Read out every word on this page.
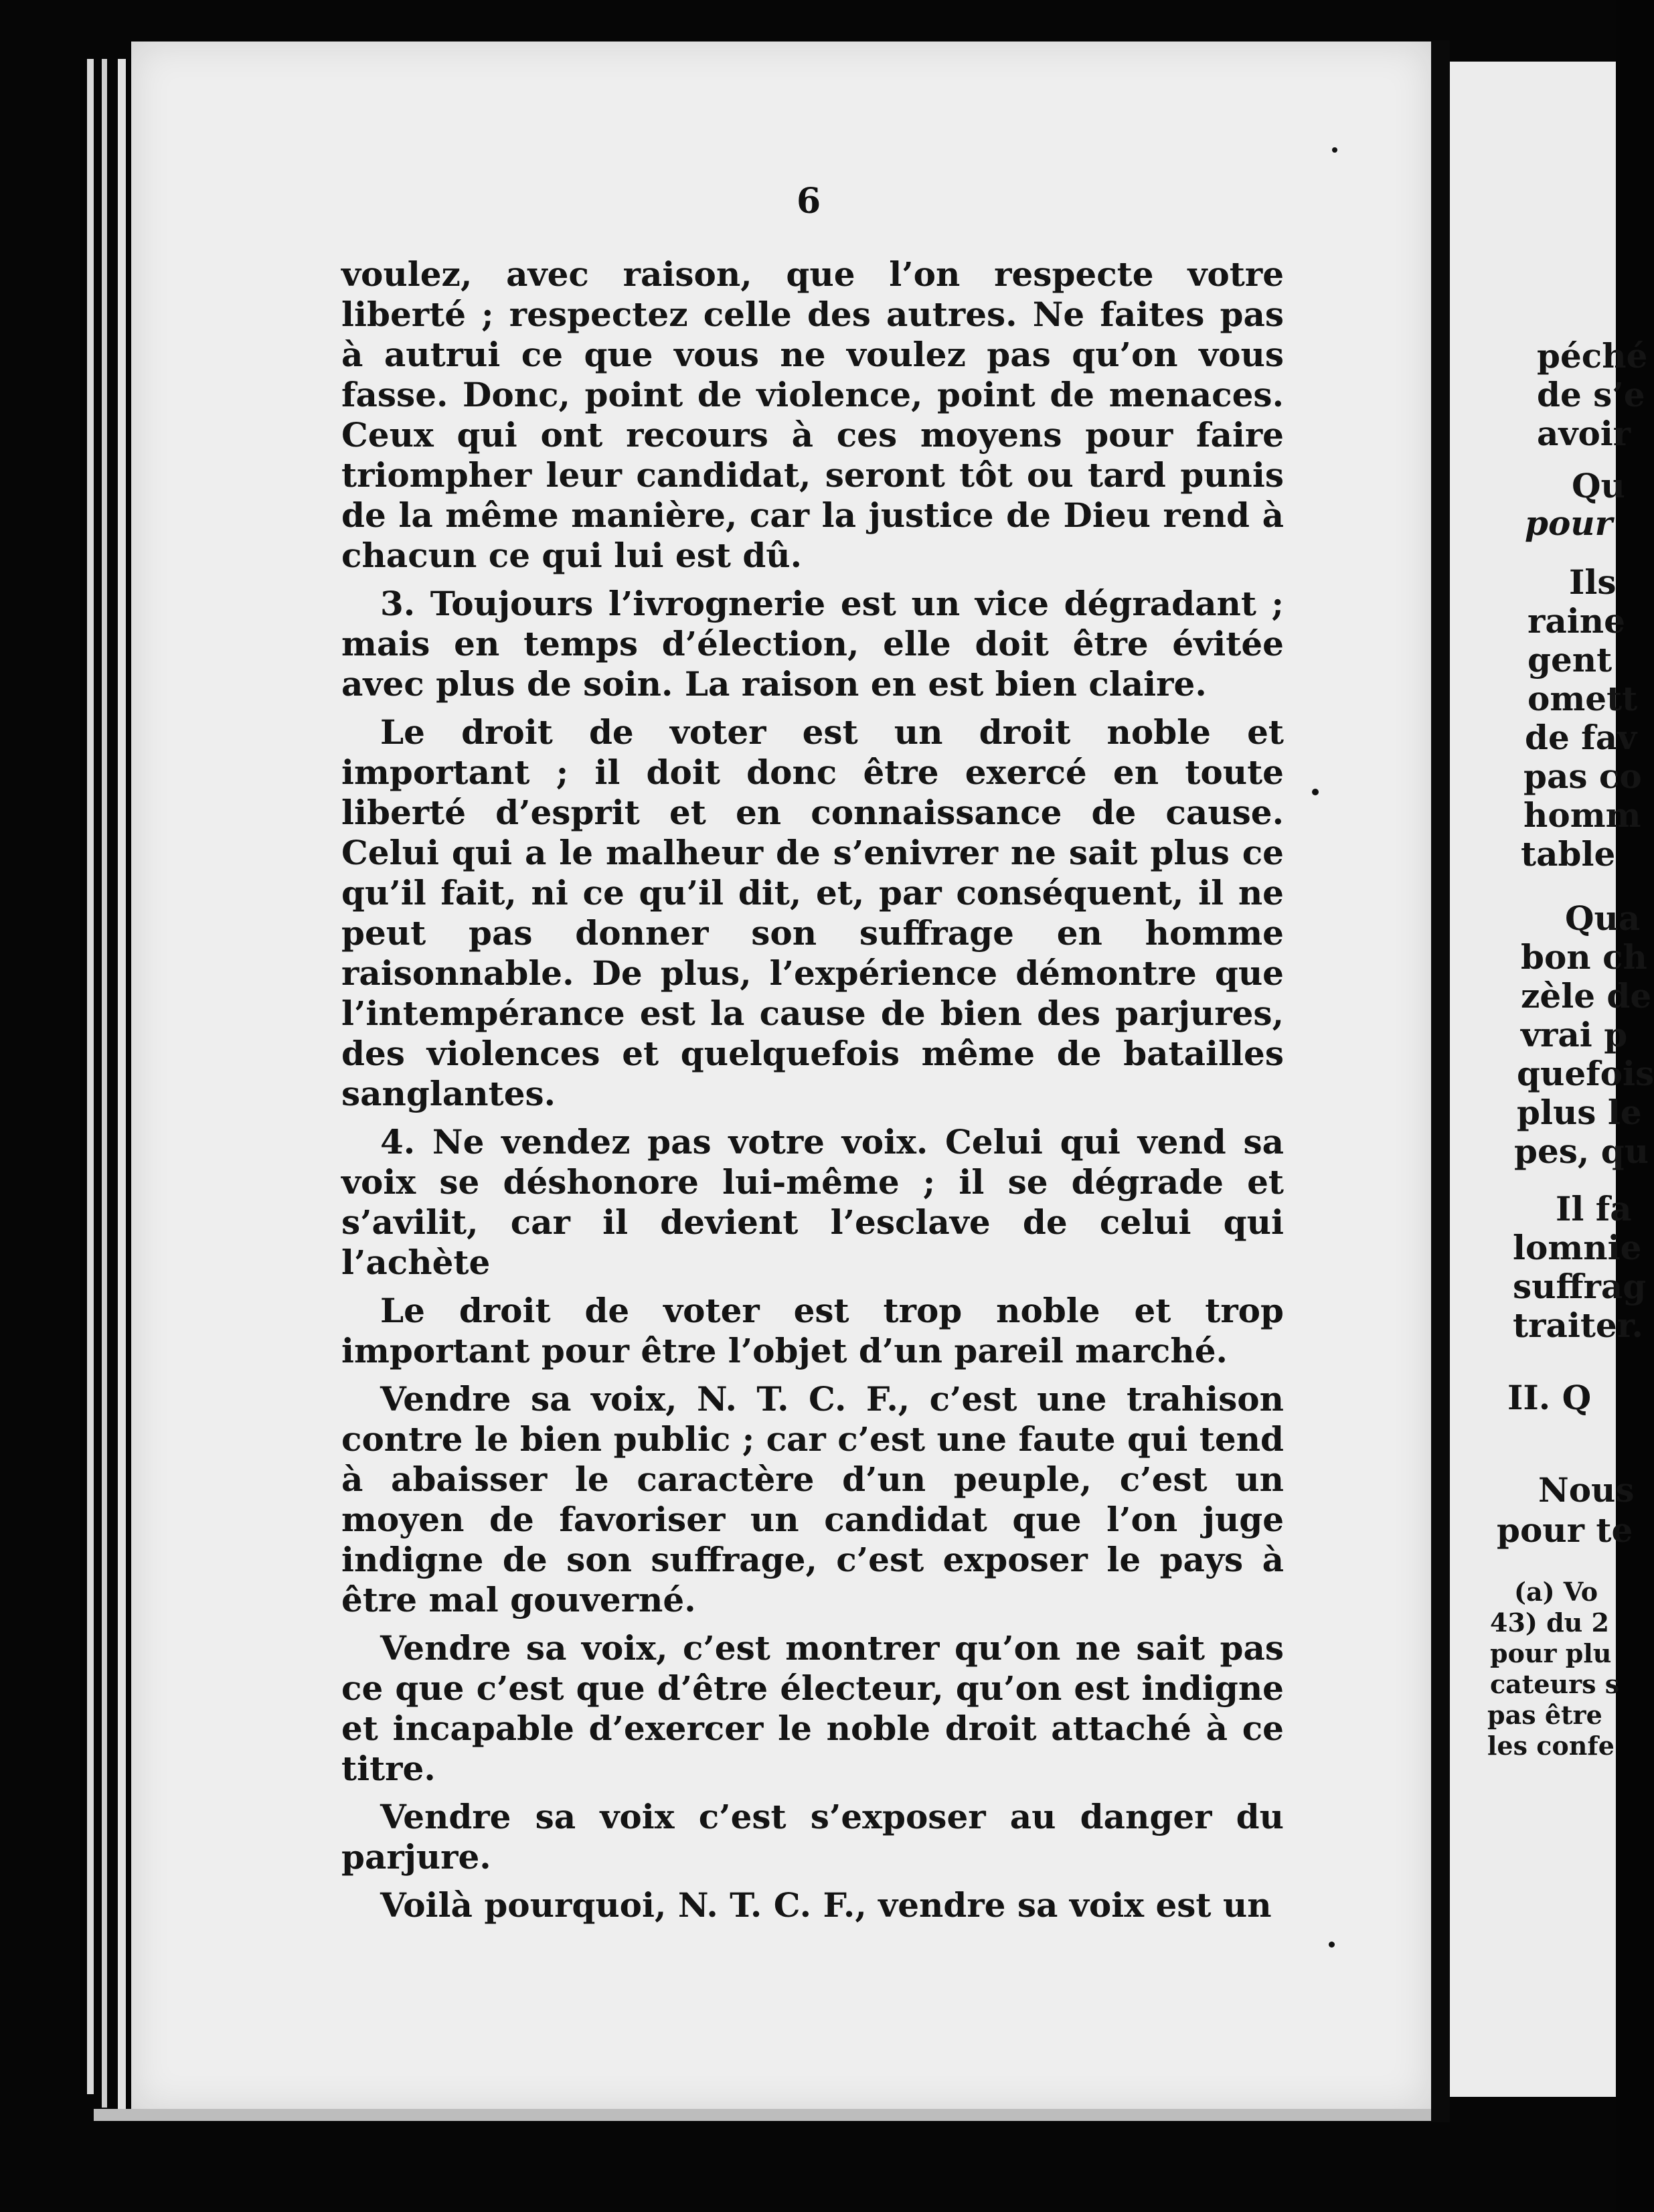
6

voulez, avec raison, que l’on respecte votre liberté ; respectez celle des autres. Ne faites pas à autrui ce que vous ne voulez pas qu’on vous fasse. Donc, point de violence, point de menaces. Ceux qui ont recours à ces moyens pour faire triompher leur candidat, seront tôt ou tard punis de la même manière, car la justice de Dieu rend à chacun ce qui lui est dû.

3. Toujours l’ivrognerie est un vice dégradant ; mais en temps d’élection, elle doit être évitée avec plus de soin. La raison en est bien claire.

Le droit de voter est un droit noble et important ; il doit donc être exercé en toute liberté d’esprit et en connaissance de cause. Celui qui a le malheur de s’enivrer ne sait plus ce qu’il fait, ni ce qu’il dit, et, par conséquent, il ne peut pas donner son suffrage en homme raisonnable. De plus, l’expérience démontre que l’intempérance est la cause de bien des parjures, des violences et quelquefois même de batailles sanglantes.

4. Ne vendez pas votre voix. Celui qui vend sa voix se déshonore lui-même ; il se dégrade et s’avilit, car il devient l’esclave de celui qui l’achète

Le droit de voter est trop noble et trop important pour être l’objet d’un pareil marché.

Vendre sa voix, N. T. C. F., c’est une trahison contre le bien public ; car c’est une faute qui tend à abaisser le caractère d’un peuple, c’est un moyen de favoriser un candidat que l’on juge indigne de son suffrage, c’est exposer le pays à être mal gouverné.

Vendre sa voix, c’est montrer qu’on ne sait pas ce que c’est que d’être électeur, qu’on est indigne et incapable d’exercer le noble droit attaché à ce titre.

Vendre sa voix c’est s’exposer au danger du parjure.

Voilà pourquoi, N. T. C. F., vendre sa voix est un

péché
de s’e
avoir
Qu
pour
Ils
raine
gent
omett
de fav
pas co
homm
table
Qua
bon ch
zèle de
vrai p
quefois
plus le
pes, qu
Il fa
lomnie
suffrag
traiter.
II. Q
Nous
pour te
(a) Vo
43) du 2
pour plu
cateurs s
pas être
les confe
